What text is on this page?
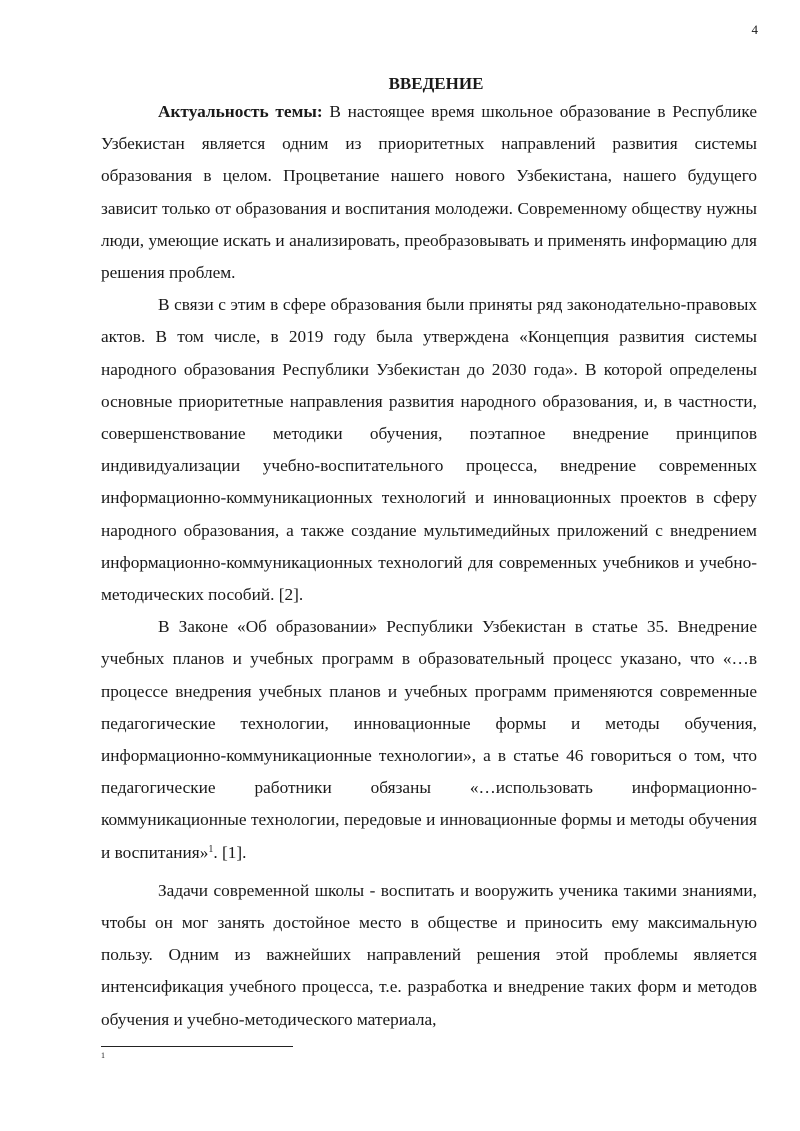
4
ВВЕДЕНИЕ

Актуальность темы: В настоящее время школьное образование в Республике Узбекистан является одним из приоритетных направлений развития системы образования в целом. Процветание нашего нового Узбекистана, нашего будущего зависит только от образования и воспитания молодежи. Современному обществу нужны люди, умеющие искать и анализировать, преобразовывать и применять информацию для решения проблем.

В связи с этим в сфере образования были приняты ряд законодательно-правовых актов. В том числе, в 2019 году была утверждена «Концепция развития системы народного образования Республики Узбекистан до 2030 года». В которой определены основные приоритетные направления развития народного образования, и, в частности, совершенствование методики обучения, поэтапное внедрение принципов индивидуализации учебно-воспитательного процесса, внедрение современных информационно-коммуникационных технологий и инновационных проектов в сферу народного образования, а также создание мультимедийных приложений с внедрением информационно-коммуникационных технологий для современных учебников и учебно-методических пособий. [2].

В Законе «Об образовании» Республики Узбекистан в статье 35. Внедрение учебных планов и учебных программ в образовательный процесс указано, что «…в процессе внедрения учебных планов и учебных программ применяются современные педагогические технологии, инновационные формы и методы обучения, информационно-коммуникационные технологии», а в статье 46 говориться о том, что педагогические работники обязаны «…использовать информационно-коммуникационные технологии, передовые и инновационные формы и методы обучения и воспитания»$^1$. [1].

Задачи современной школы - воспитать и вооружить ученика такими знаниями, чтобы он мог занять достойное место в обществе и приносить ему максимальную пользу. Одним из важнейших направлений решения этой проблемы является интенсификация учебного процесса, т.е. разработка и внедрение таких форм и методов обучения и учебно-методического материала,

1
